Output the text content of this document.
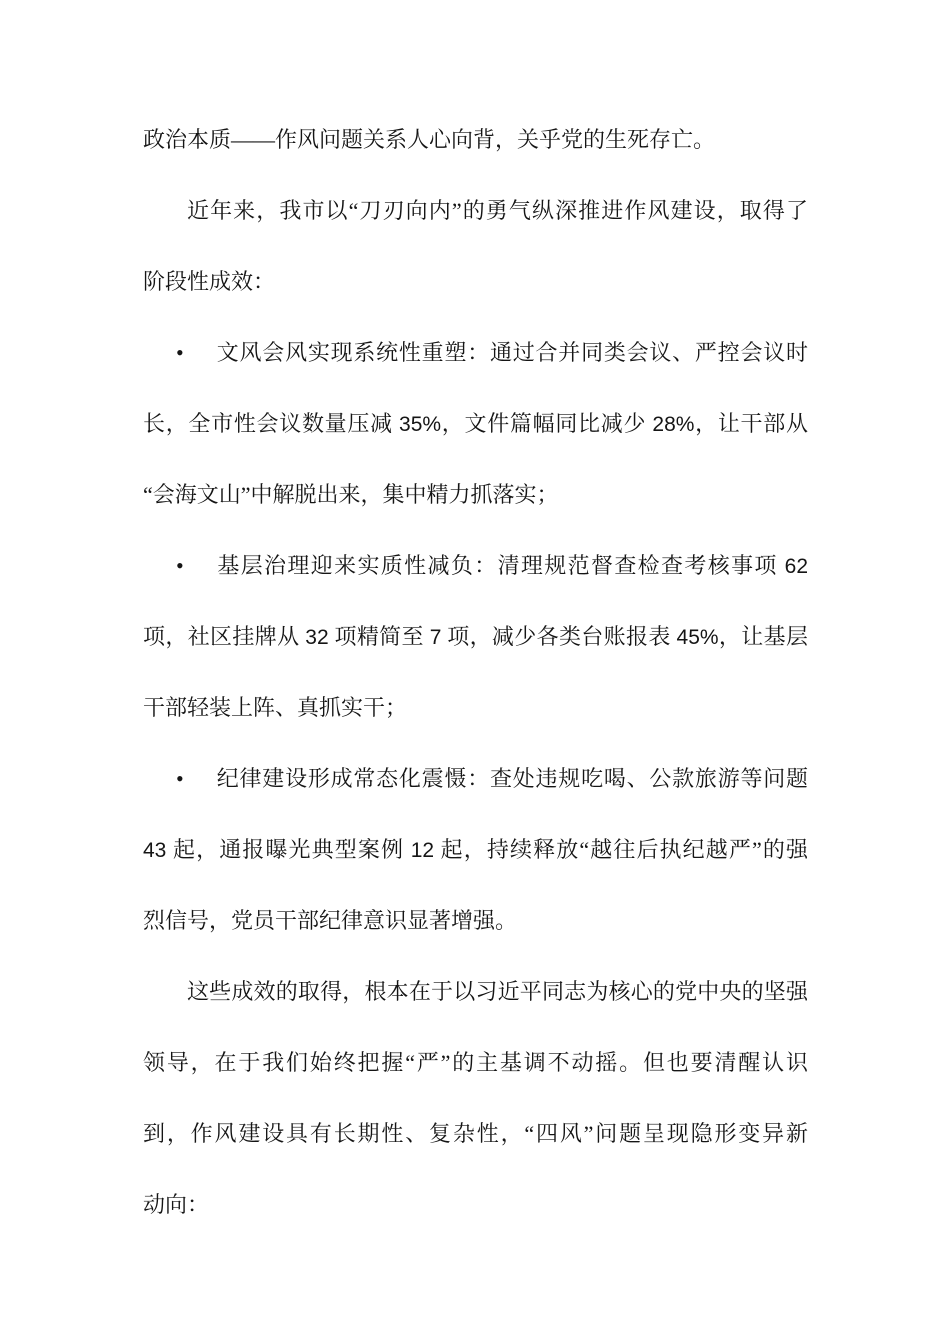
政治本质——作风问题关系人心向背，关乎党的生死存亡。
近年来，我市以“刀刃向内”的勇气纵深推进作风建设，取得了
阶段性成效：
• 文风会风实现系统性重塑：通过合并同类会议、严控会议时
长，全市性会议数量压减 35%，文件篇幅同比减少 28%，让干部从
“会海文山”中解脱出来，集中精力抓落实；
• 基层治理迎来实质性减负：清理规范督查检查考核事项 62
项，社区挂牌从 32 项精简至 7 项，减少各类台账报表 45%，让基层
干部轻装上阵、真抓实干；
• 纪律建设形成常态化震慑：查处违规吃喝、公款旅游等问题
43 起，通报曝光典型案例 12 起，持续释放“越往后执纪越严”的强
烈信号，党员干部纪律意识显著增强。
这些成效的取得，根本在于以习近平同志为核心的党中央的坚强
领导，在于我们始终把握“严”的主基调不动摇。但也要清醒认识
到，作风建设具有长期性、复杂性，“四风”问题呈现隐形变异新
动向：
